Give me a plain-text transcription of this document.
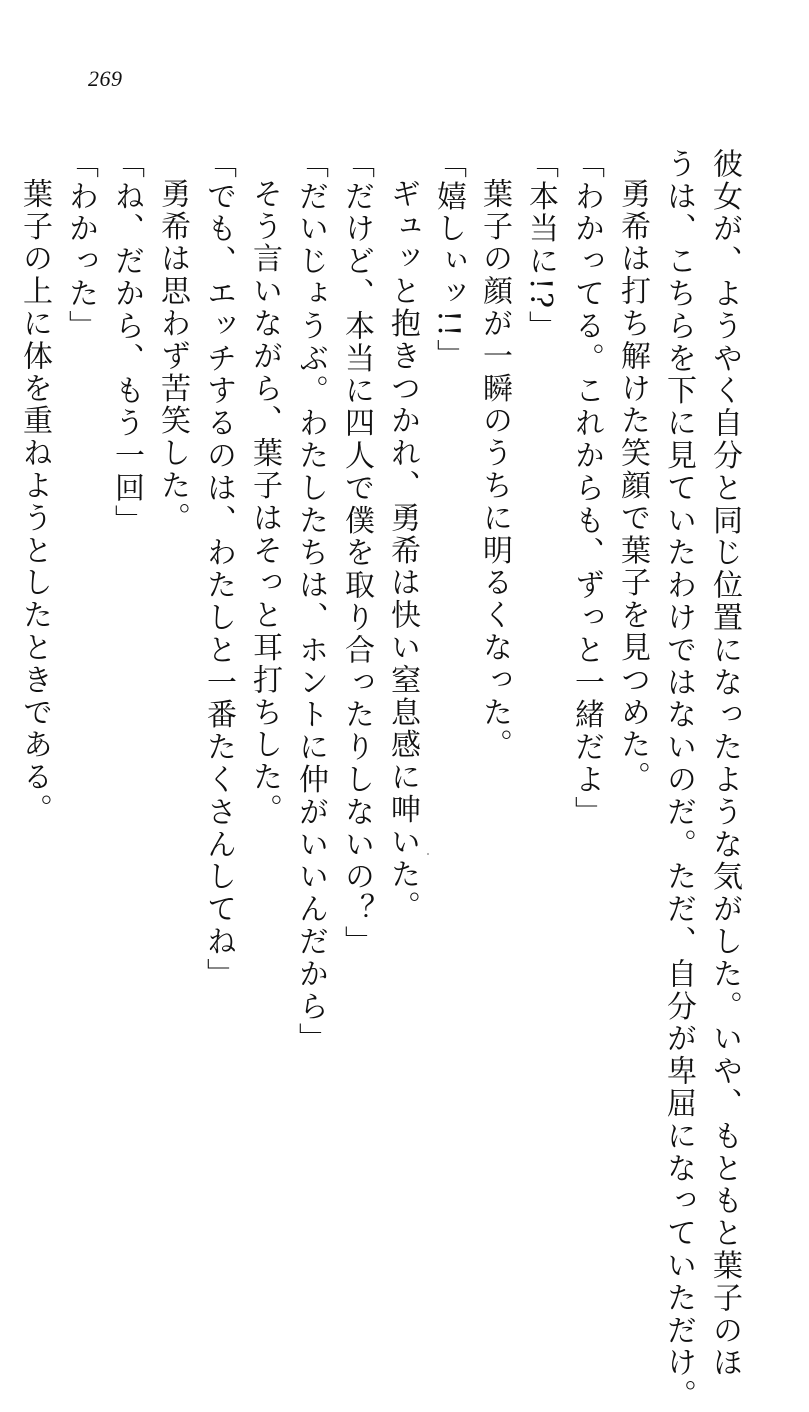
269
彼女が、ようやく自分と同じ位置になったような気がした。いや、もともと葉子のほ
うは、こちらを下に見ていたわけではないのだ。ただ、自分が卑屈になっていただけ。
勇希は打ち解けた笑顔で葉子を見つめた。
「わかってる。これからも、ずっと一緒だよ」
「本当に!?」
葉子の顔が一瞬のうちに明るくなった。
「嬉しぃッ!!」
ギュッと抱きつかれ、勇希は快い窒息感に呻いた。
「だけど、本当に四人で僕を取り合ったりしないの？」
「だいじょうぶ。わたしたちは、ホントに仲がいいんだから」
そう言いながら、葉子はそっと耳打ちした。
「でも、エッチするのは、わたしと一番たくさんしてね」
勇希は思わず苦笑した。
「ね、だから、もう一回」
「わかった」
葉子の上に体を重ねようとしたときである。
